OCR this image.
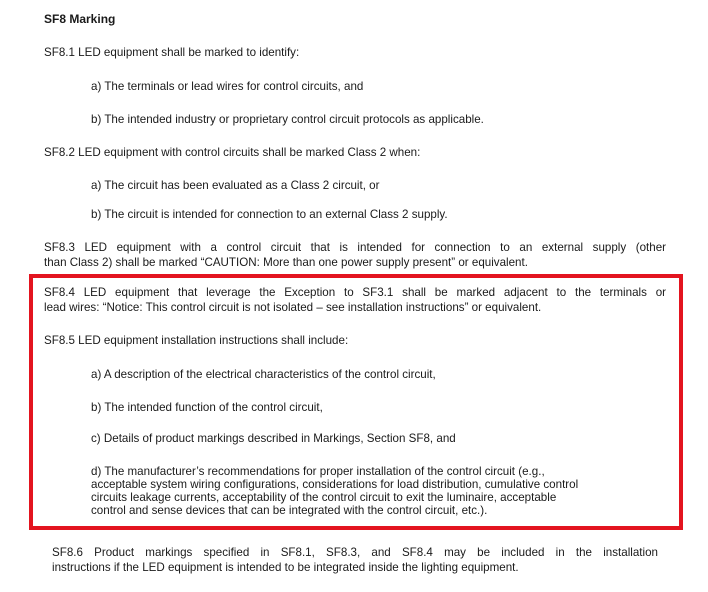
SF8 Marking
SF8.1 LED equipment shall be marked to identify:
a) The terminals or lead wires for control circuits, and
b) The intended industry or proprietary control circuit protocols as applicable.
SF8.2 LED equipment with control circuits shall be marked Class 2 when:
a) The circuit has been evaluated as a Class 2 circuit, or
b) The circuit is intended for connection to an external Class 2 supply.
SF8.3 LED equipment with a control circuit that is intended for connection to an external supply (other
than Class 2) shall be marked “CAUTION: More than one power supply present” or equivalent.
SF8.4 LED equipment that leverage the Exception to SF3.1 shall be marked adjacent to the terminals or
lead wires: “Notice: This control circuit is not isolated – see installation instructions” or equivalent.
SF8.5 LED equipment installation instructions shall include:
a) A description of the electrical characteristics of the control circuit,
b) The intended function of the control circuit,
c) Details of product markings described in Markings, Section SF8, and
d) The manufacturer’s recommendations for proper installation of the control circuit (e.g.,
acceptable system wiring configurations, considerations for load distribution, cumulative control
circuits leakage currents, acceptability of the control circuit to exit the luminaire, acceptable
control and sense devices that can be integrated with the control circuit, etc.).
SF8.6 Product markings specified in SF8.1, SF8.3, and SF8.4 may be included in the installation
instructions if the LED equipment is intended to be integrated inside the lighting equipment.
